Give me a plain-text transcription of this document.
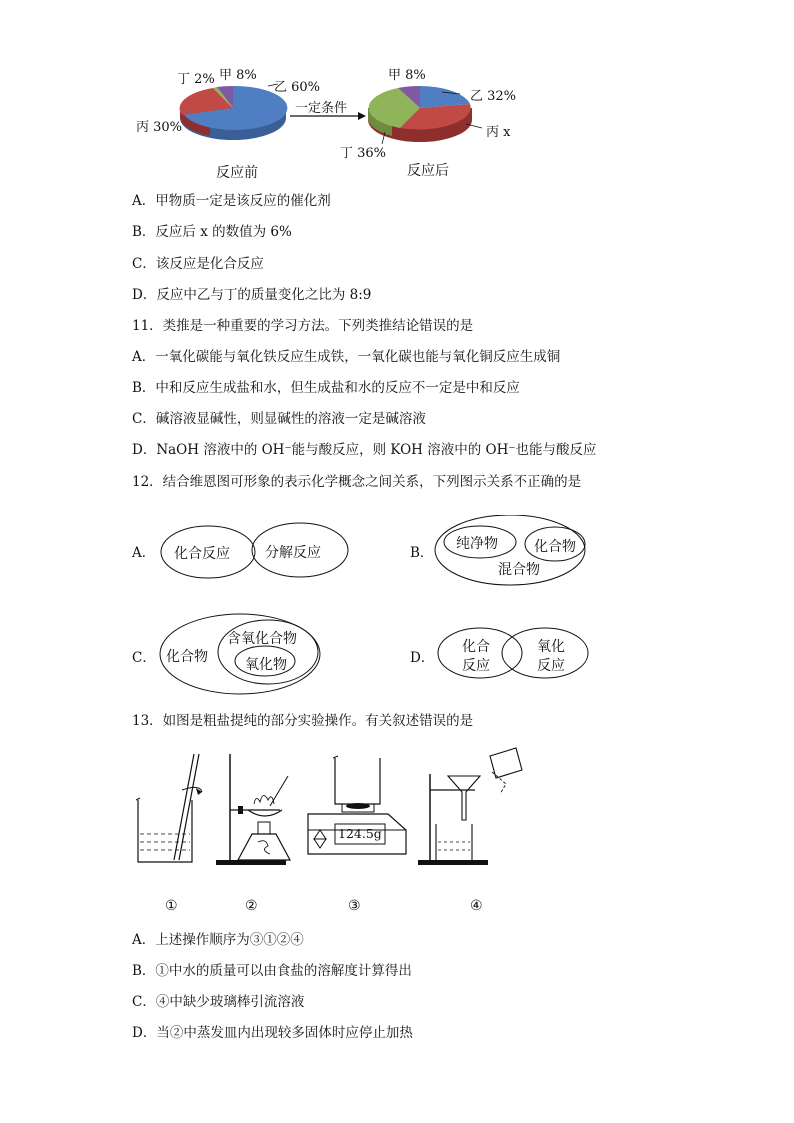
丁 2% 甲 8%
乙 60%
丙 30%
反应前
一定条件
甲 8%
乙 32%
丙 x
丁 36%
反应后
A．甲物质一定是该反应的催化剂
B．反应后 x 的数值为 6%
C．该反应是化合反应
D．反应中乙与丁的质量变化之比为 8:9
11．类推是一种重要的学习方法。下列类推结论错误的是
A．一氧化碳能与氧化铁反应生成铁，一氧化碳也能与氧化铜反应生成铜
B．中和反应生成盐和水，但生成盐和水的反应不一定是中和反应
C．碱溶液显碱性，则显碱性的溶液一定是碱溶液
D．NaOH 溶液中的 OH⁻能与酸反应，则 KOH 溶液中的 OH⁻也能与酸反应
12．结合维恩图可形象的表示化学概念之间关系，下列图示关系不正确的是
A． 化合反应	分解反应	B．
纯净物	化合物
混合物
C． 化合物
含氧化合物
氧化物	D．
化合
反应
氧化
反应
13．如图是粗盐提纯的部分实验操作。有关叙述错误的是
124.5g
①	②	③	④
A．上述操作顺序为③①②④
B．①中水的质量可以由食盐的溶解度计算得出
C．④中缺少玻璃棒引流溶液
D．当②中蒸发皿内出现较多固体时应停止加热
